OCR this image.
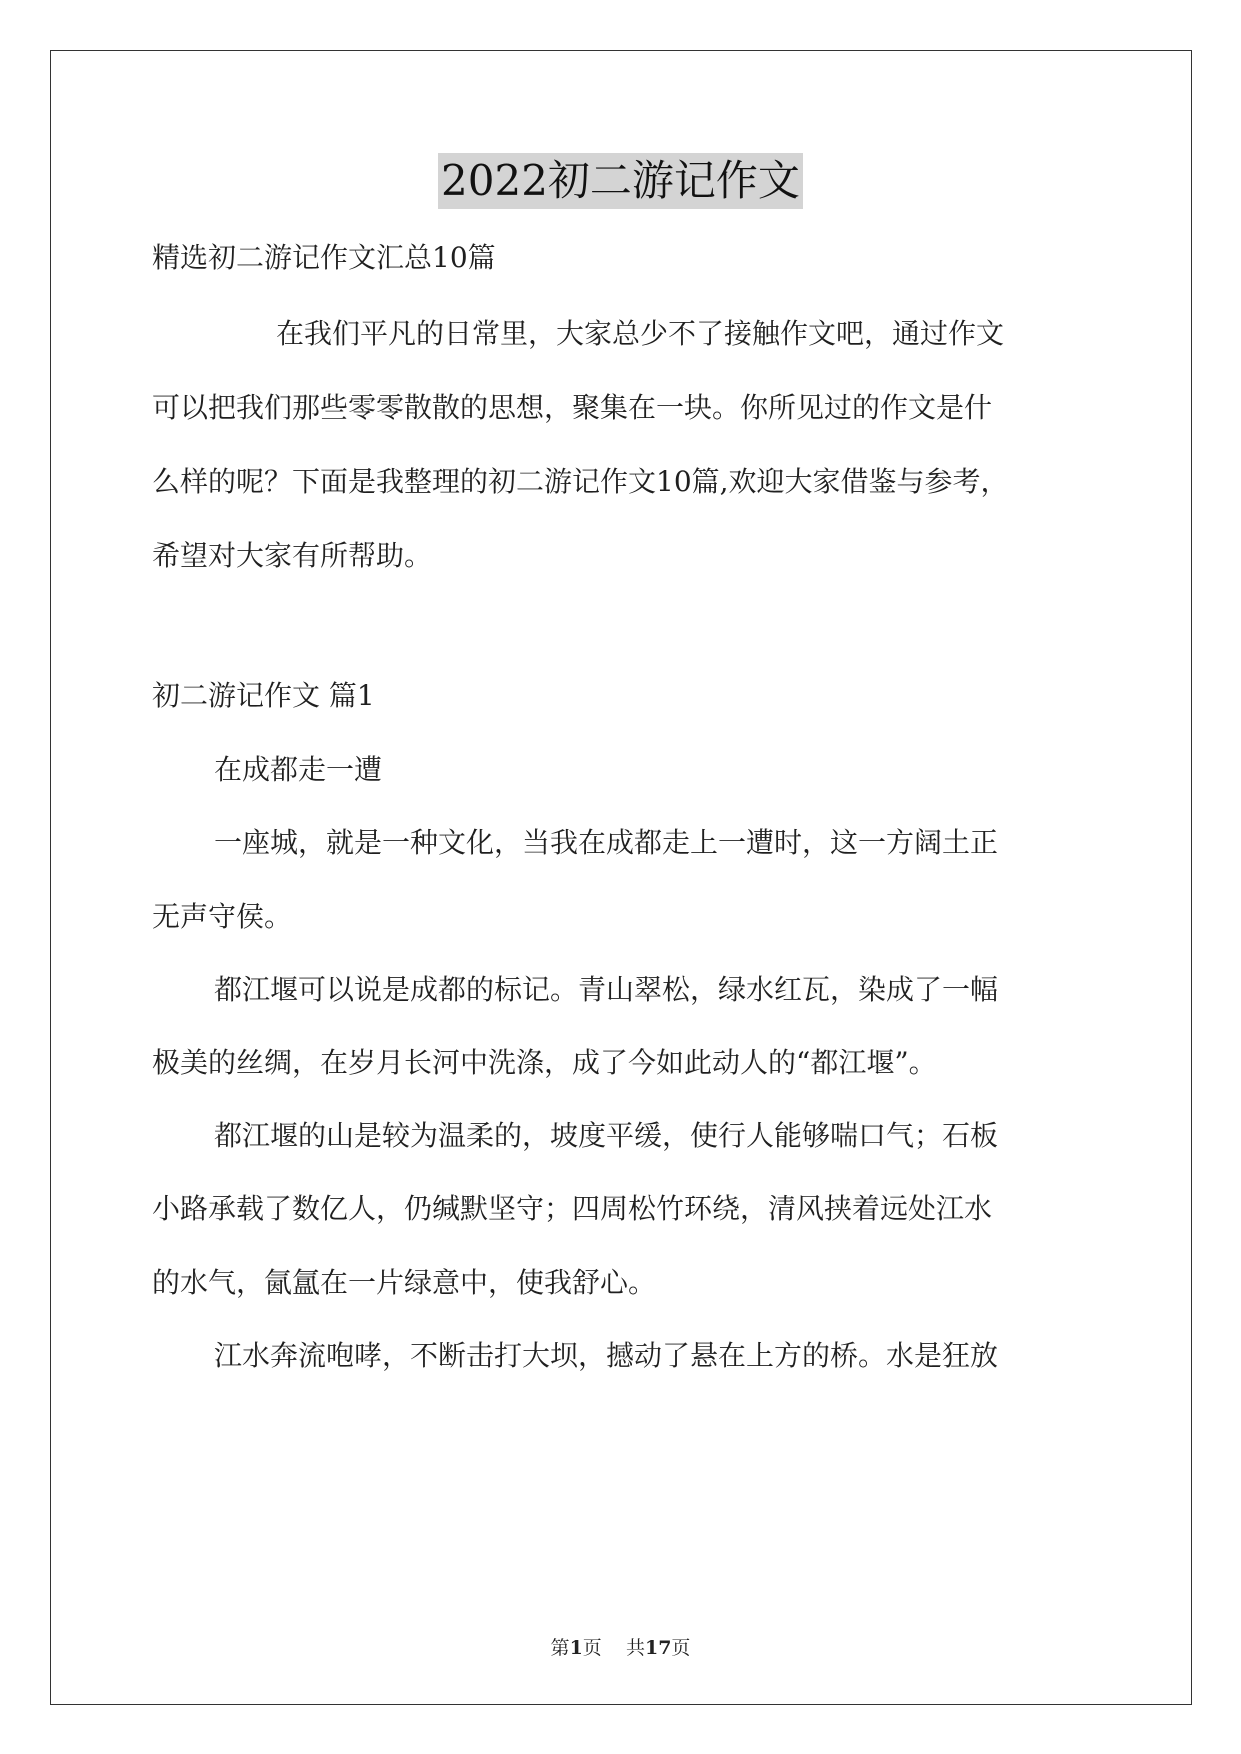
2022初二游记作文
精选初二游记作文汇总10篇
在我们平凡的日常里，大家总少不了接触作文吧，通过作文
可以把我们那些零零散散的思想，聚集在一块。你所见过的作文是什
么样的呢？下面是我整理的初二游记作文10篇,欢迎大家借鉴与参考，
希望对大家有所帮助。
初二游记作文 篇1
在成都走一遭
一座城，就是一种文化，当我在成都走上一遭时，这一方阔土正
无声守侯。
都江堰可以说是成都的标记。青山翠松，绿水红瓦，染成了一幅
极美的丝绸，在岁月长河中洗涤，成了今如此动人的“都江堰”。
都江堰的山是较为温柔的，坡度平缓，使行人能够喘口气；石板
小路承载了数亿人，仍缄默坚守；四周松竹环绕，清风挟着远处江水
的水气，氤氲在一片绿意中，使我舒心。
江水奔流咆哮，不断击打大坝，撼动了悬在上方的桥。水是狂放
第1页    共17页
